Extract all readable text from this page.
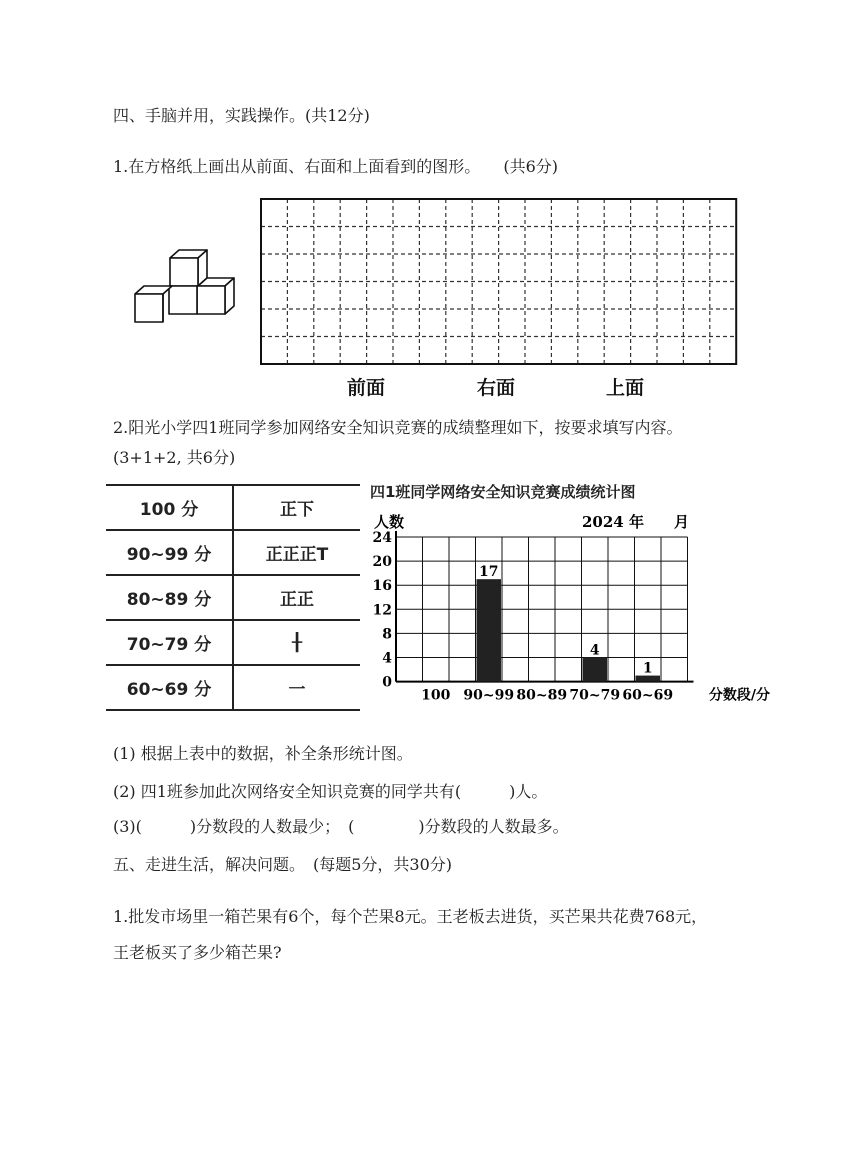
四、手脑并用，实践操作。(共12分)
1.在方格纸上画出从前面、右面和上面看到的图形。 (共6分)
前面	右面	上面
2.阳光小学四1班同学参加网络安全知识竞赛的成绩整理如下，按要求填写内容。
(3+1+2, 共6分)
100 分	正下
90~99 分	正正正T
80~89 分	正正
70~79 分	╂
60~69 分	一
四1班同学网络安全知识竞赛成绩统计图
人数	2024 年　　月
0
4
8
12
16
20
24
100 90~99
17
80~89 70~79
4
60~69
1
分数段/分
(1) 根据上表中的数据，补全条形统计图。
(2) 四1班参加此次网络安全知识竞赛的同学共有(　　　)人。
(3)(　　　)分数段的人数最少；　(　　　　)分数段的人数最多。
五、走进生活，解决问题。　(每题5分，共30分)
1.批发市场里一箱芒果有6个，每个芒果8元。王老板去进货，买芒果共花费768元，
王老板买了多少箱芒果?
